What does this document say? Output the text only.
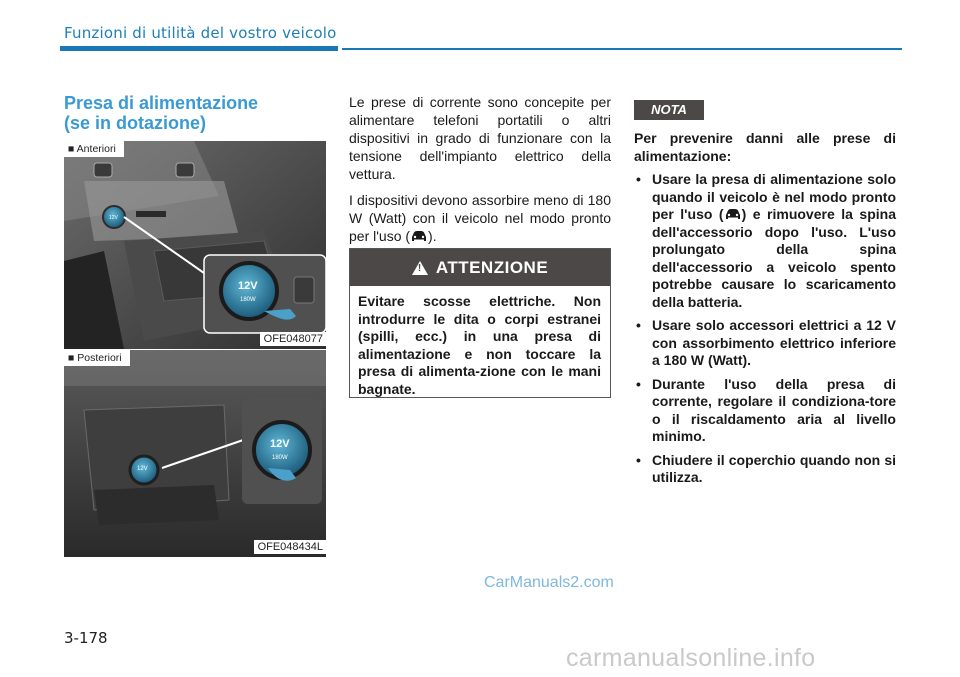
Funzioni di utilità del vostro veicolo
Presa di alimentazione
(se in dotazione)
12V
12V
180W
■ Anteriori
OFE048077
12V
12V
180W
■ Posteriori
OFE048434L

Le prese di corrente sono concepite per alimentare telefoni portatili o altri dispositivi in grado di funzionare con la tensione dell'impianto elettrico della vettura.

I dispositivi devono assorbire meno di 180 W (Watt) con il veicolo nel modo pronto per l'uso ( ).

! ATTENZIONE
Evitare scosse elettriche. Non introdurre le dita o corpi estranei (spilli, ecc.) in una presa di alimentazione e non toccare la presa di alimenta-zione con le mani bagnate.
NOTA

Per prevenire danni alle prese di alimentazione:

• Usare la presa di alimentazione solo quando il veicolo è nel modo pronto per l'uso ( ) e rimuovere la spina dell'accessorio dopo l'uso. L'uso prolungato della spina dell'accessorio a veicolo spento potrebbe causare lo scaricamento della batteria.
• Usare solo accessori elettrici a 12 V con assorbimento elettrico inferiore a 180 W (Watt).
• Durante l'uso della presa di corrente, regolare il condiziona-tore o il riscaldamento aria al livello minimo.
• Chiudere il coperchio quando non si utilizza.
CarManuals2.com
3-178
carmanualsonline.info
